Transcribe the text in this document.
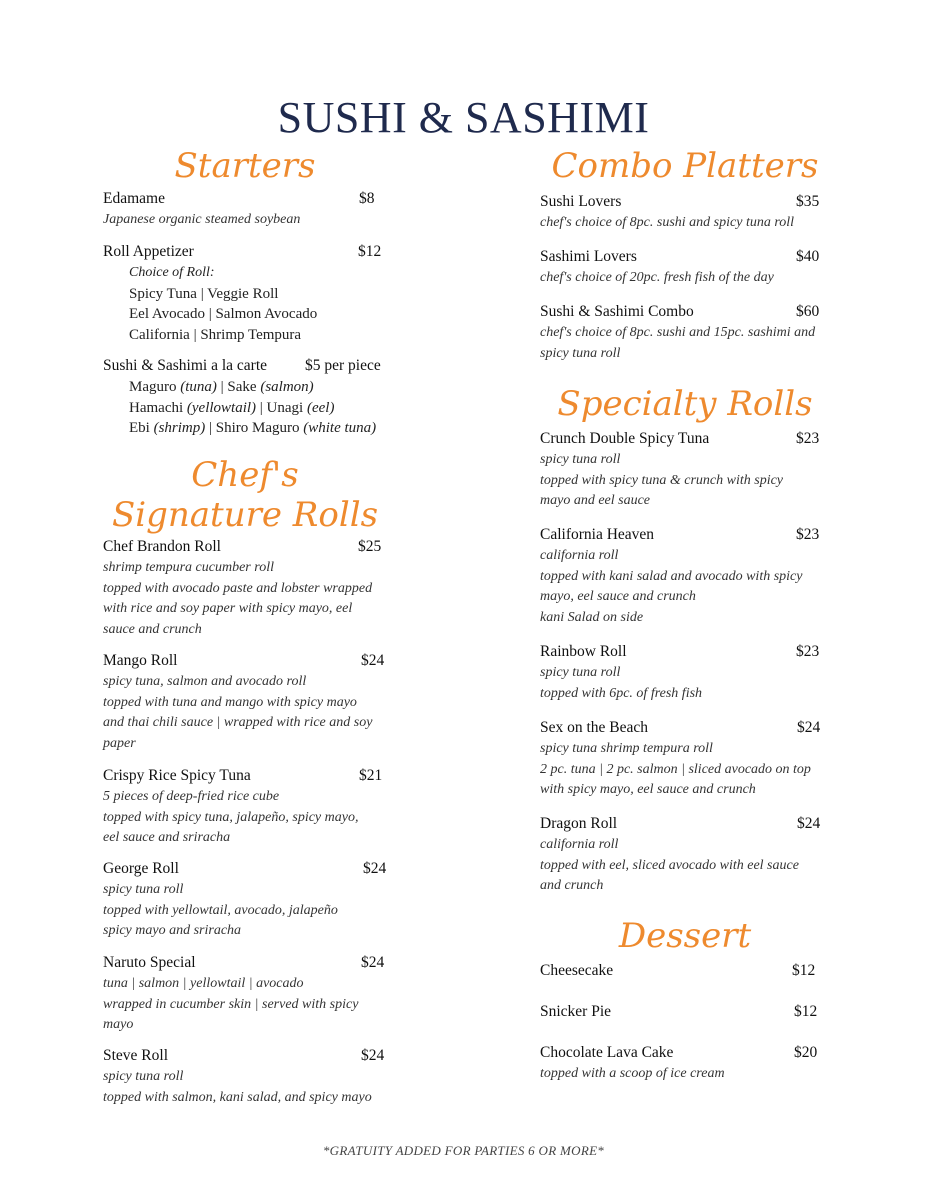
SUSHI & SASHIMI
Starters
Edamame	$8
Japanese organic steamed soybean
Roll Appetizer	$12
Choice of Roll:
Spicy Tuna | Veggie Roll
Eel Avocado | Salmon Avocado
California | Shrimp Tempura
Sushi & Sashimi a la carte $5 per piece
Maguro (tuna) | Sake (salmon)
Hamachi (yellowtail) | Unagi (eel)
Ebi (shrimp) | Shiro Maguro (white tuna)
Chef's
Signature Rolls
Chef Brandon Roll	$25
shrimp tempura cucumber roll
topped with avocado paste and lobster wrapped
with rice and soy paper with spicy mayo, eel
sauce and crunch
Mango Roll	$24
spicy tuna, salmon and avocado roll
topped with tuna and mango with spicy mayo
and thai chili sauce | wrapped with rice and soy
paper
Crispy Rice Spicy Tuna	$21
5 pieces of deep-fried rice cube
topped with spicy tuna, jalapeño, spicy mayo,
eel sauce and sriracha
George Roll	$24
spicy tuna roll
topped with yellowtail, avocado, jalapeño
spicy mayo and sriracha
Naruto Special	$24
tuna | salmon | yellowtail | avocado
wrapped in cucumber skin | served with spicy
mayo
Steve Roll	$24
spicy tuna roll
topped with salmon, kani salad, and spicy mayo
Combo Platters
Sushi Lovers	$35
chef's choice of 8pc. sushi and spicy tuna roll
Sashimi Lovers	$40
chef's choice of 20pc. fresh fish of the day
Sushi & Sashimi Combo	$60
chef's choice of 8pc. sushi and 15pc. sashimi and
spicy tuna roll
Specialty Rolls
Crunch Double Spicy Tuna	$23
spicy tuna roll
topped with spicy tuna & crunch with spicy
mayo and eel sauce
California Heaven	$23
california roll
topped with kani salad and avocado with spicy
mayo, eel sauce and crunch
kani Salad on side
Rainbow Roll	$23
spicy tuna roll
topped with 6pc. of fresh fish
Sex on the Beach	$24
spicy tuna shrimp tempura roll
2 pc. tuna | 2 pc. salmon | sliced avocado on top
with spicy mayo, eel sauce and crunch
Dragon Roll	$24
california roll
topped with eel, sliced avocado with eel sauce
and crunch
Dessert
Cheesecake	$12
Snicker Pie	$12
Chocolate Lava Cake	$20
topped with a scoop of ice cream
*GRATUITY ADDED FOR PARTIES 6 OR MORE*
